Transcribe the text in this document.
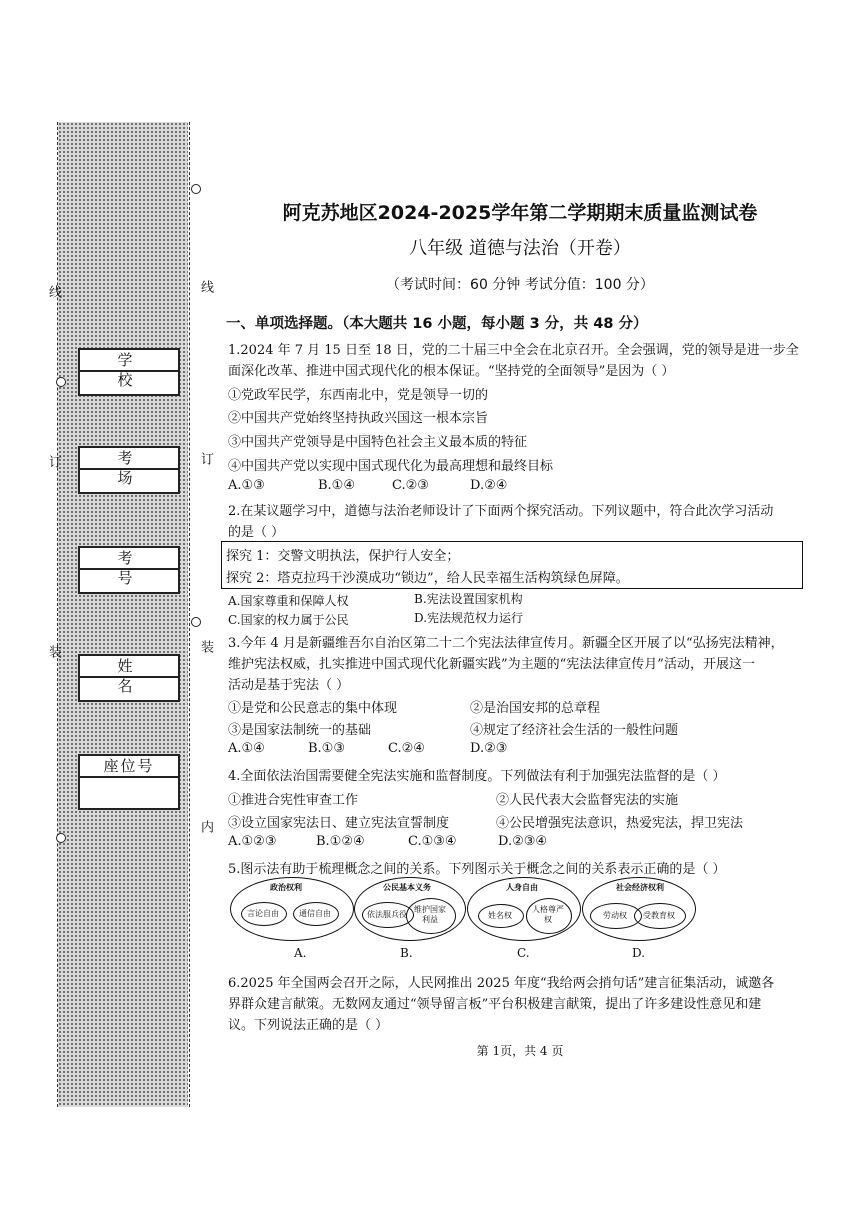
线
线
订
订
装
装
内
学 校
考 场
考 号
姓 名
座位号
阿克苏地区2024-2025学年第二学期期末质量监测试卷
八年级 道德与法治（开卷）
（考试时间：60 分钟 考试分值：100 分）
一、单项选择题。（本大题共 16 小题，每小题 3 分，共 48 分）
1.2024 年 7 月 15 日至 18 日，党的二十届三中全会在北京召开。全会强调，党的领导是进一步全
面深化改革、推进中国式现代化的根本保证。“坚持党的全面领导”是因为（ ）
①党政军民学，东西南北中，党是领导一切的
②中国共产党始终坚持执政兴国这一根本宗旨
③中国共产党领导是中国特色社会主义最本质的特征
④中国共产党以实现中国式现代化为最高理想和最终目标
A.①③	B.①④	C.②③	D.②④
2.在某议题学习中，道德与法治老师设计了下面两个探究活动。下列议题中，符合此次学习活动
的是（ ）
探究 1：交警文明执法，保护行人安全；
探究 2：塔克拉玛干沙漠成功“锁边”，给人民幸福生活构筑绿色屏障。
A.国家尊重和保障人权	B.宪法设置国家机构
C.国家的权力属于公民	D.宪法规范权力运行
3.今年 4 月是新疆维吾尔自治区第二十二个宪法法律宣传月。新疆全区开展了以“弘扬宪法精神，
维护宪法权威，扎实推进中国式现代化新疆实践”为主题的“宪法法律宣传月”活动，开展这一
活动是基于宪法（ ）
①是党和公民意志的集中体现	②是治国安邦的总章程
③是国家法制统一的基础	④规定了经济社会生活的一般性问题
A.①④	B.①③	C.②④	D.②③
4.全面依法治国需要健全宪法实施和监督制度。下列做法有利于加强宪法监督的是（ ）
①推进合宪性审查工作	②人民代表大会监督宪法的实施
③设立国家宪法日、建立宪法宣誓制度	④公民增强宪法意识，热爱宪法，捍卫宪法
A.①②③	B.①②④	C.①③④	D.②③④
5.图示法有助于梳理概念之间的关系。下列图示关于概念之间的关系表示正确的是（ ）
政治权利
言论自由	通信自由
A.
公民基本义务
依法服兵役
维护国家利益
B.
人身自由
姓名权
人格尊严权
C.
社会经济权利
劳动权	受教育权
D.
6.2025 年全国两会召开之际，人民网推出 2025 年度“我给两会捎句话”建言征集活动，诚邀各
界群众建言献策。无数网友通过“领导留言板”平台积极建言献策，提出了许多建设性意见和建
议。下列说法正确的是（ ）
第 1页，共 4 页
